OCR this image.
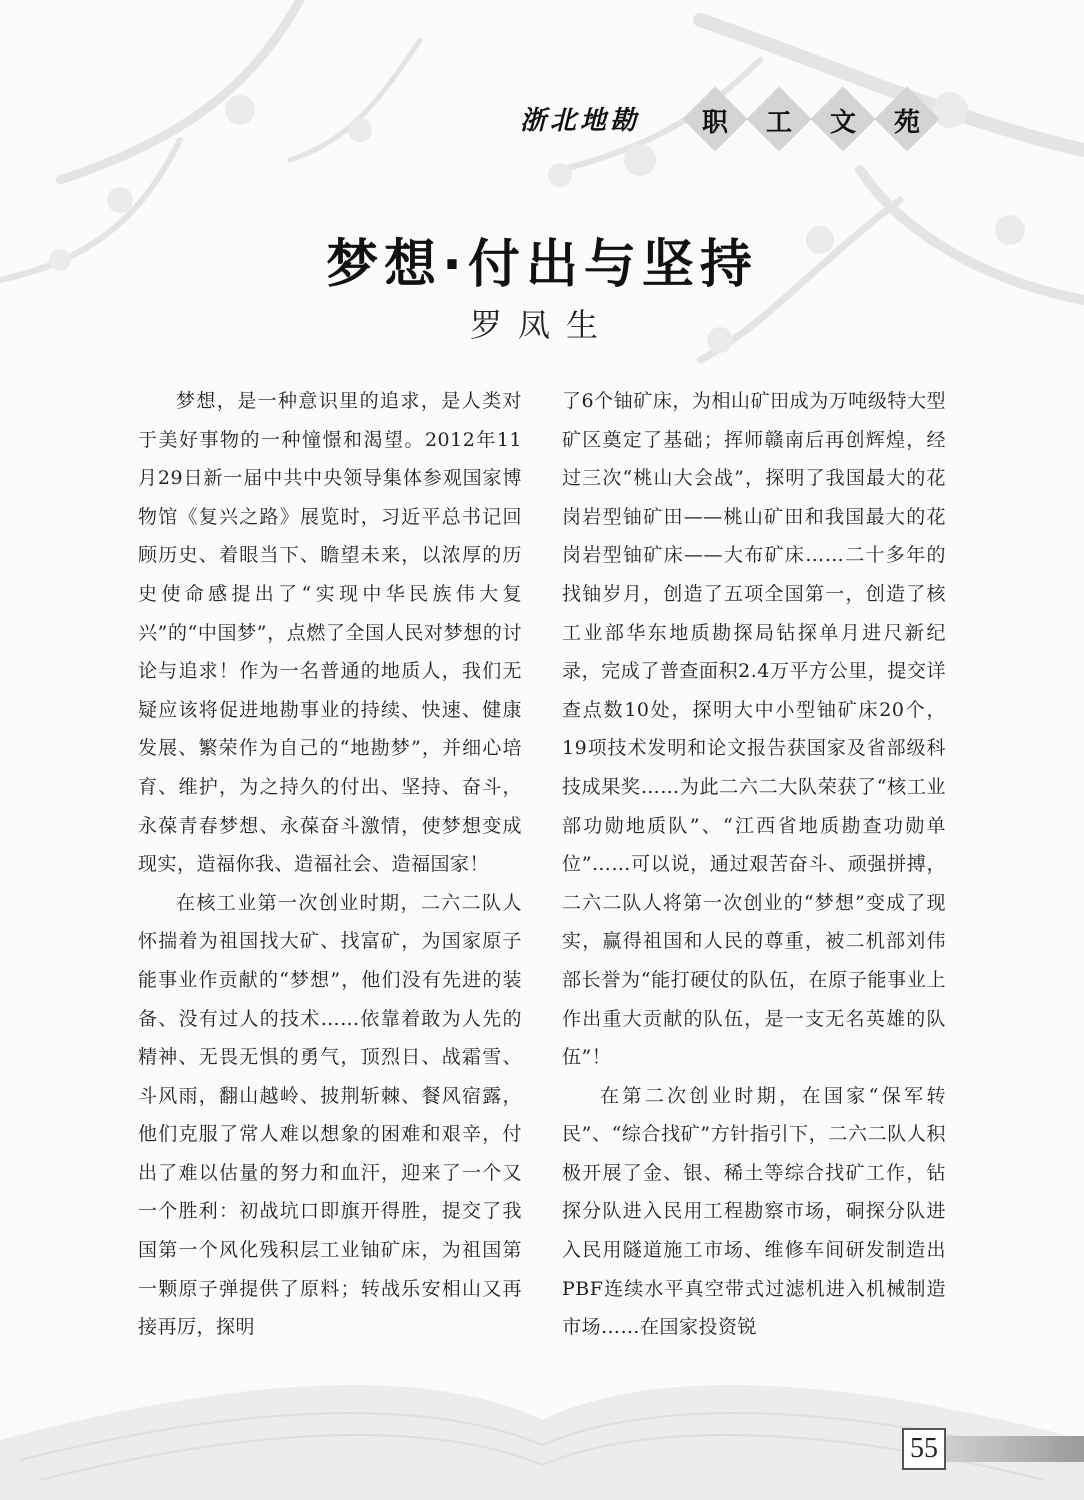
浙北地勘	职	工	文	苑
梦想·付出与坚持
罗凤生

梦想，是一种意识里的追求，是人类对于美好事物的一种憧憬和渴望。2012年11月29日新一届中共中央领导集体参观国家博物馆《复兴之路》展览时，习近平总书记回顾历史、着眼当下、瞻望未来，以浓厚的历史使命感提出了“实现中华民族伟大复兴”的“中国梦”，点燃了全国人民对梦想的讨论与追求！作为一名普通的地质人，我们无疑应该将促进地勘事业的持续、快速、健康发展、繁荣作为自己的“地勘梦”，并细心培育、维护，为之持久的付出、坚持、奋斗，永葆青春梦想、永葆奋斗激情，使梦想变成现实，造福你我、造福社会、造福国家！

在核工业第一次创业时期，二六二队人怀揣着为祖国找大矿、找富矿，为国家原子能事业作贡献的“梦想”，他们没有先进的装备、没有过人的技术……依靠着敢为人先的精神、无畏无惧的勇气，顶烈日、战霜雪、斗风雨，翻山越岭、披荆斩棘、餐风宿露，他们克服了常人难以想象的困难和艰辛，付出了难以估量的努力和血汗，迎来了一个又一个胜利：初战坑口即旗开得胜，提交了我国第一个风化残积层工业铀矿床，为祖国第一颗原子弹提供了原料；转战乐安相山又再接再厉，探明

了6个铀矿床，为相山矿田成为万吨级特大型矿区奠定了基础；挥师赣南后再创辉煌，经过三次“桃山大会战”，探明了我国最大的花岗岩型铀矿田——桃山矿田和我国最大的花岗岩型铀矿床——大布矿床……二十多年的找铀岁月，创造了五项全国第一，创造了核工业部华东地质勘探局钻探单月进尺新纪录，完成了普查面积2.4万平方公里，提交详查点数10处，探明大中小型铀矿床20个，19项技术发明和论文报告获国家及省部级科技成果奖……为此二六二大队荣获了“核工业部功勋地质队”、“江西省地质勘查功勋单位”……可以说，通过艰苦奋斗、顽强拼搏，二六二队人将第一次创业的“梦想”变成了现实，赢得祖国和人民的尊重，被二机部刘伟部长誉为“能打硬仗的队伍，在原子能事业上作出重大贡献的队伍，是一支无名英雄的队伍”！

在第二次创业时期，在国家“保军转民”、“综合找矿”方针指引下，二六二队人积极开展了金、银、稀土等综合找矿工作，钻探分队进入民用工程勘察市场，硐探分队进入民用隧道施工市场、维修车间研发制造出PBF连续水平真空带式过滤机进入机械制造市场……在国家投资锐

55
